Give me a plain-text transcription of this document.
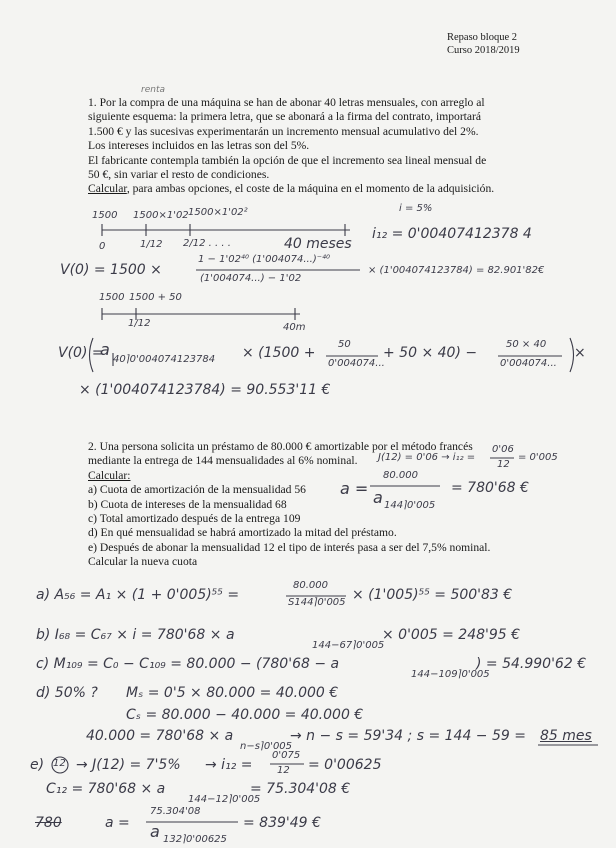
Repaso bloque 2
Curso 2018/2019
renta
1. Por la compra de una máquina se han de abonar 40 letras mensuales, con arreglo al
siguiente esquema: la primera letra, que se abonará a la firma del contrato, importará
1.500 € y las sucesivas experimentarán un incremento mensual acumulativo del 2%.
Los intereses incluidos en las letras son del 5%.
El fabricante contempla también la opción de que el incremento sea lineal mensual de
50 €, sin variar el resto de condiciones.
Calcular, para ambas opciones, el coste de la máquina en el momento de la adquisición.
1500 1500×1'02 1500×1'02²
0	1/12 2/12 . . . .	40 meses
i = 5%
i₁₂ = 0'00407412378 4
V(0) = 1500 ×
1 − 1'02⁴⁰ (1'004074...)⁻⁴⁰
(1'004074...) − 1'02
× (1'004074123784) = 82.901'82€
1500 1500 + 50
1/12	40m
V(0) =
a
40⌉0'004074123784 × (1500 +
50
0'004074...
+ 50 × 40) −
50 × 40
0'004074...
×
× (1'004074123784) = 90.553'11 €
2. Una persona solicita un préstamo de 80.000 € amortizable por el método francés
mediante la entrega de 144 mensualidades al 6% nominal.
Calcular:
a) Cuota de amortización de la mensualidad 56
b) Cuota de intereses de la mensualidad 68
c) Total amortizado después de la entrega 109
d) En qué mensualidad se habrá amortizado la mitad del préstamo.
e) Después de abonar la mensualidad 12 el tipo de interés pasa a ser del 7,5% nominal.
Calcular la nueva cuota
J(12) = 0'06 → i₁₂ =
0'06
12
= 0'005
a =
80.000
a 144⌉0'005
= 780'68 €
a) A₅₆ = A₁ × (1 + 0'005)⁵⁵ =
80.000
S144⌉0'005 × (1'005)⁵⁵ = 500'83 €
b) I₆₈ = C₆₇ × i = 780'68 × a
144−67⌉0'005
× 0'005 = 248'95 €
c) M₁₀₉ = C₀ − C₁₀₉ = 80.000 − (780'68 − a
144−109⌉0'005
) = 54.990'62 €
d) 50% ? Mₛ = 0'5 × 80.000 = 40.000 €
Cₛ = 80.000 − 40.000 = 40.000 €
40.000 = 780'68 × a
n−s⌉0'005
→ n − s = 59'34 ; s = 144 − 59 = 85 mes
e) 12 → J(12) = 7'5% → i₁₂ =
0'075
12 = 0'00625
C₁₂ = 780'68 × a
144−12⌉0'005
= 75.304'08 €
780	a =
75.304'08
a 132⌉0'00625
= 839'49 €
